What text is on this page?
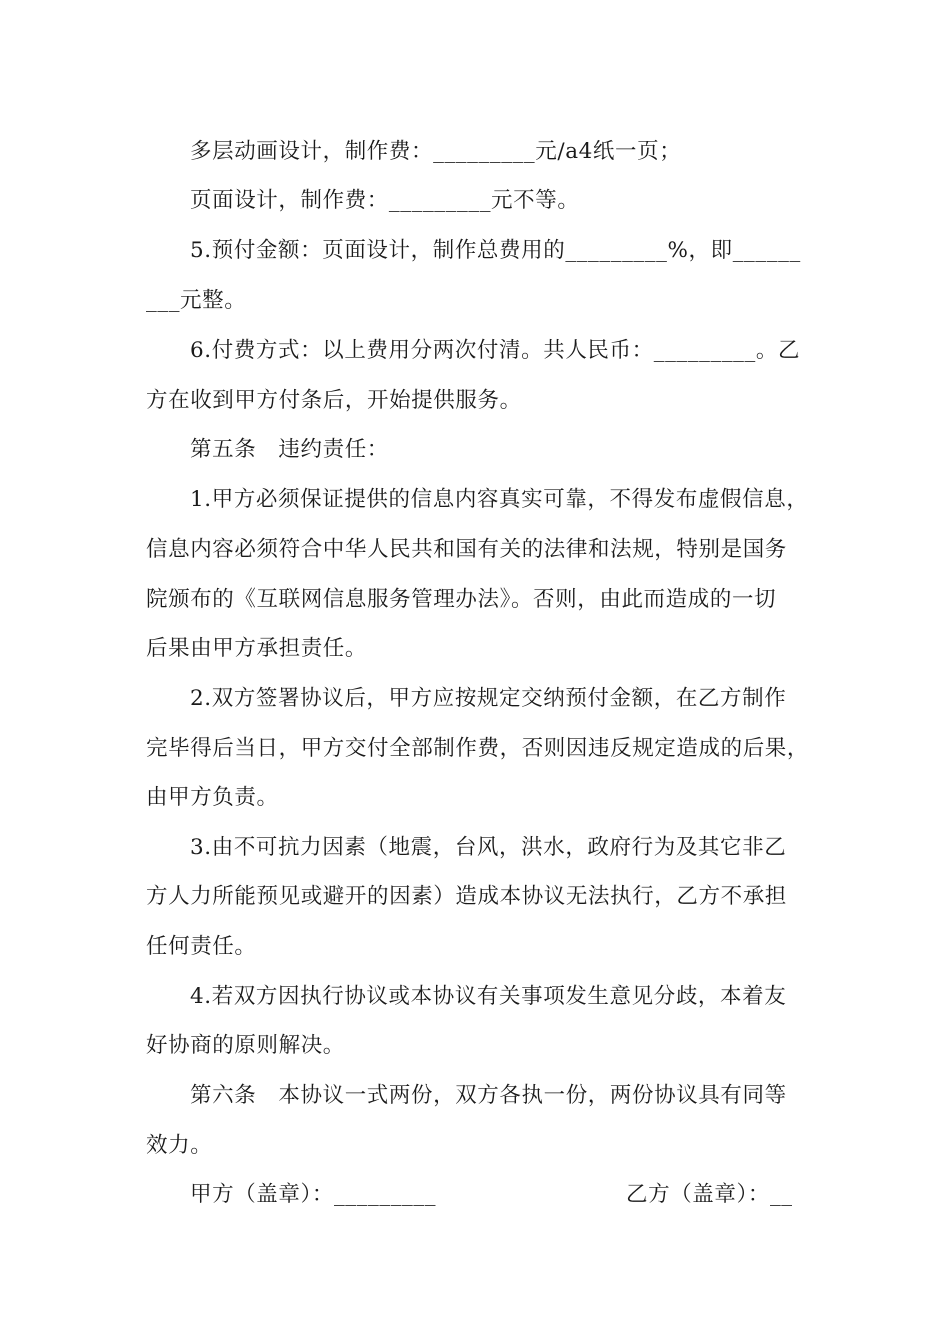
多层动画设计，制作费：_________元/a4纸一页；
页面设计，制作费：_________元不等。
5.预付金额：页面设计，制作总费用的_________%，即______
___元整。
6.付费方式：以上费用分两次付清。共人民币：_________。乙
方在收到甲方付条后，开始提供服务。
第五条　违约责任：
1.甲方必须保证提供的信息内容真实可靠，不得发布虚假信息，
信息内容必须符合中华人民共和国有关的法律和法规，特别是国务
院颁布的《互联网信息服务管理办法》。否则，由此而造成的一切
后果由甲方承担责任。
2.双方签署协议后，甲方应按规定交纳预付金额，在乙方制作
完毕得后当日，甲方交付全部制作费，否则因违反规定造成的后果，
由甲方负责。
3.由不可抗力因素（地震，台风，洪水，政府行为及其它非乙
方人力所能预见或避开的因素）造成本协议无法执行，乙方不承担
任何责任。
4.若双方因执行协议或本协议有关事项发生意见分歧，本着友
好协商的原则解决。
第六条　本协议一式两份，双方各执一份，两份协议具有同等
效力。
甲方（盖章）：_________	乙方（盖章）：__
